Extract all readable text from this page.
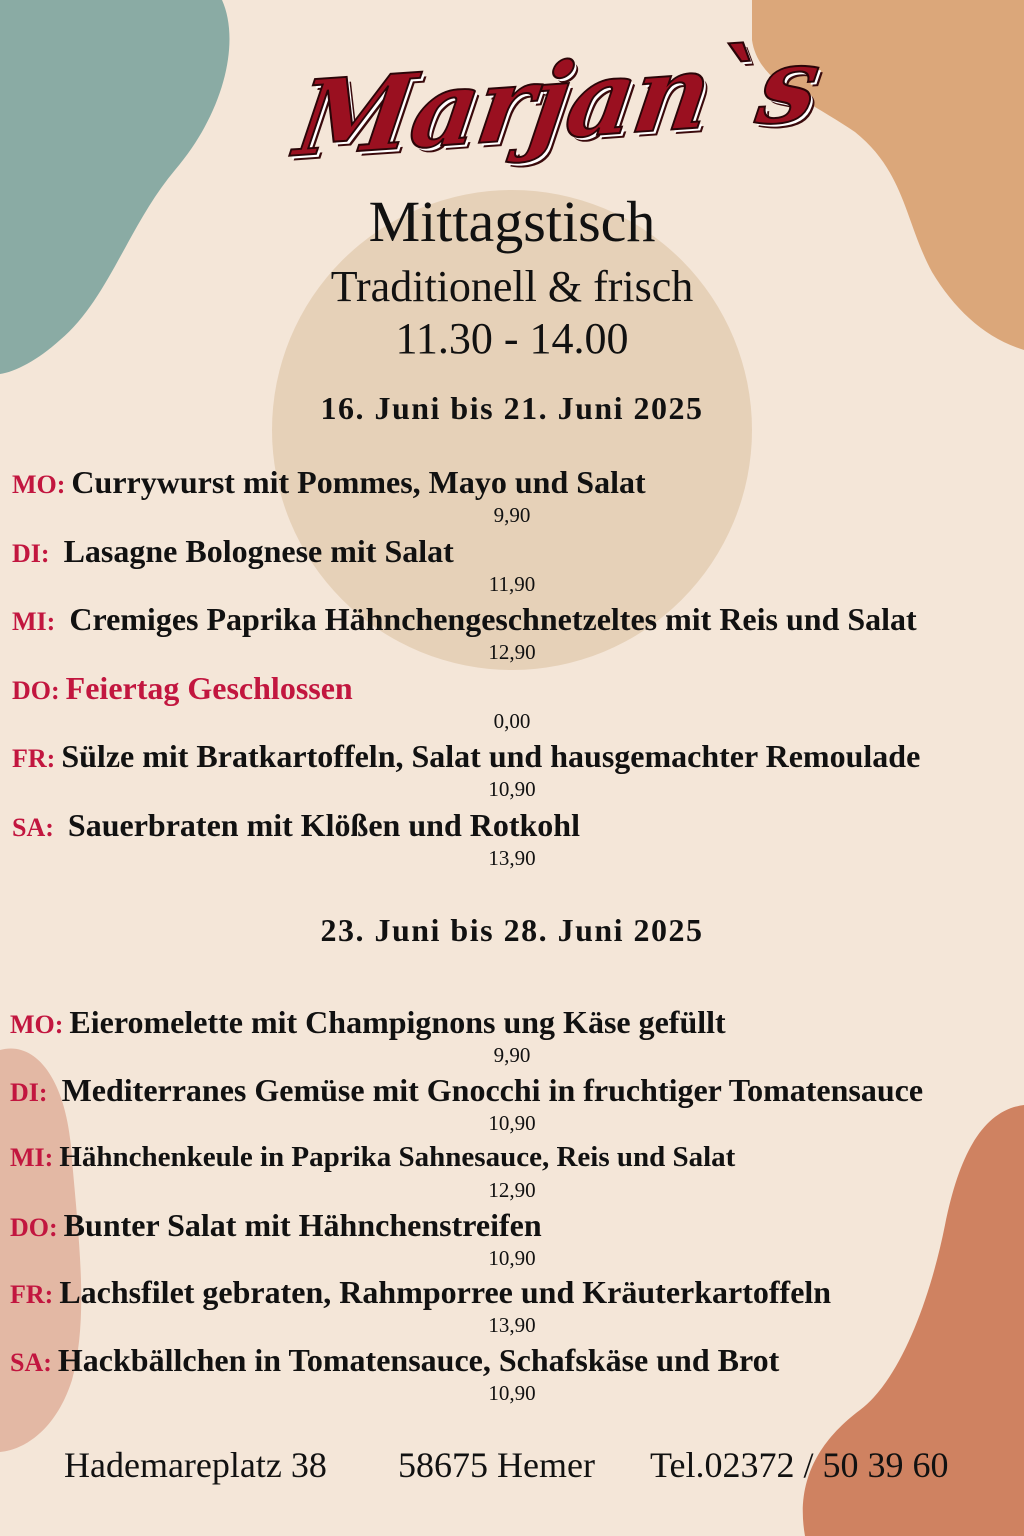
Marjan`s
Mittagstisch
Traditionell & frisch
11.30 - 14.00
16. Juni bis 21. Juni 2025
MO: Currywurst mit Pommes, Mayo und Salat
9,90
DI: Lasagne Bolognese mit Salat
11,90
MI: Cremiges Paprika Hähnchengeschnetzeltes mit Reis und Salat
12,90
DO: Feiertag Geschlossen
0,00
FR: Sülze mit Bratkartoffeln, Salat und hausgemachter Remoulade
10,90
SA: Sauerbraten mit Klößen und Rotkohl
13,90
23. Juni bis 28. Juni 2025
MO: Eieromelette mit Champignons ung Käse gefüllt
9,90
DI: Mediterranes Gemüse mit Gnocchi in fruchtiger Tomatensauce
10,90
MI: Hähnchenkeule in Paprika Sahnesauce, Reis und Salat
12,90
DO: Bunter Salat mit Hähnchenstreifen
10,90
FR: Lachsfilet gebraten, Rahmporree und Kräuterkartoffeln
13,90
SA: Hackbällchen in Tomatensauce, Schafskäse und Brot
10,90
Hademareplatz 38 58675 Hemer Tel.02372 / 50 39 60
